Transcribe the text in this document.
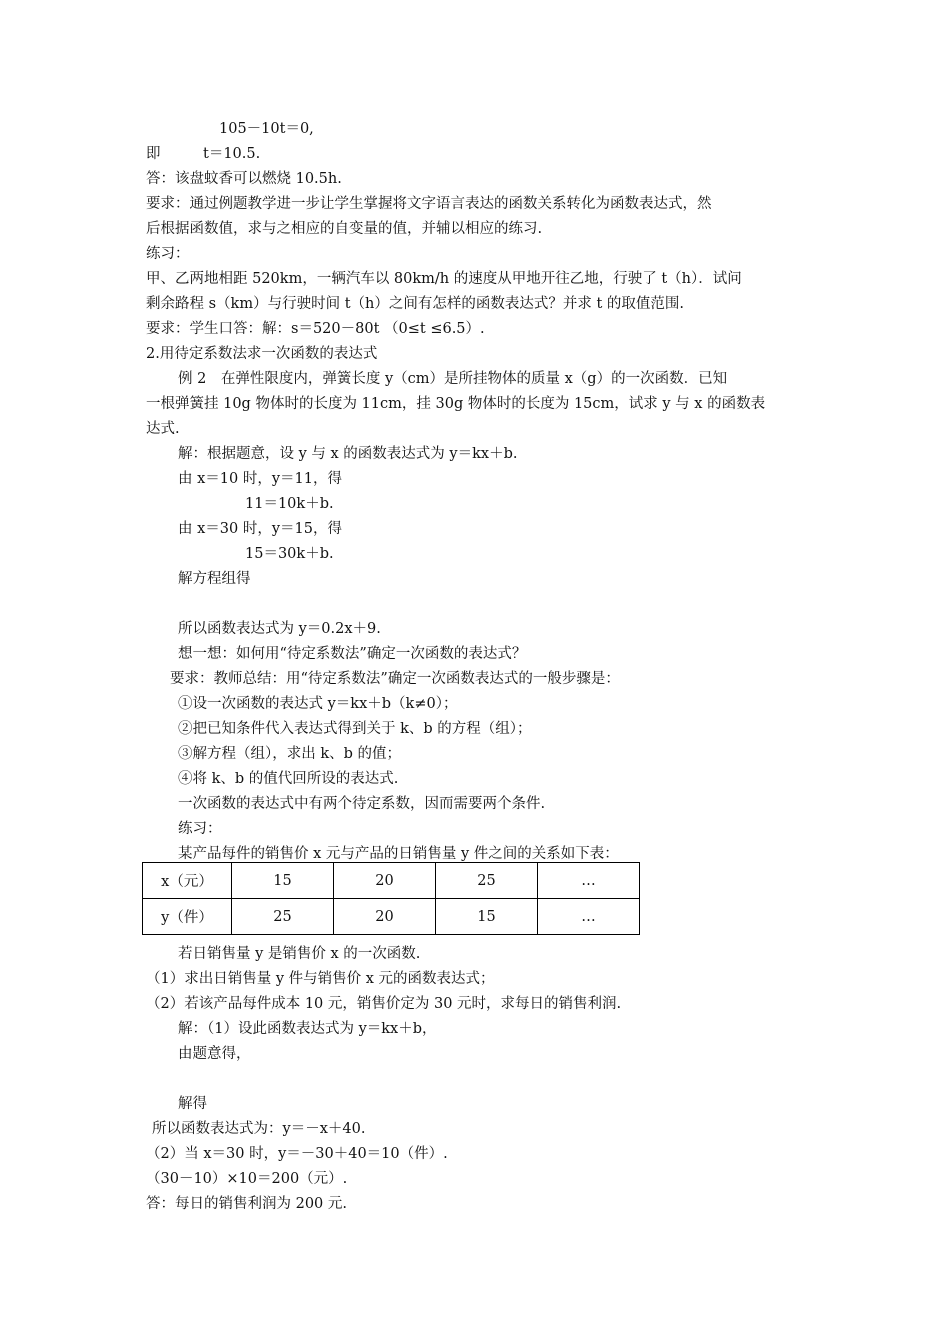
105－10t＝0,
即	t＝10.5.
答：该盘蚊香可以燃烧 10.5h.
要求：通过例题教学进一步让学生掌握将文字语言表达的函数关系转化为函数表达式，然
后根据函数值，求与之相应的自变量的值，并辅以相应的练习.
练习：
甲、乙两地相距 520km，一辆汽车以 80km/h 的速度从甲地开往乙地，行驶了 t（h）．试问
剩余路程 s（km）与行驶时间 t（h）之间有怎样的函数表达式？并求 t 的取值范围.
要求：学生口答：解：s＝520－80t （0≤t ≤6.5）.
2.用待定系数法求一次函数的表达式
例 2　在弹性限度内，弹簧长度 y（cm）是所挂物体的质量 x（g）的一次函数．已知
一根弹簧挂 10g 物体时的长度为 11cm，挂 30g 物体时的长度为 15cm，试求 y 与 x 的函数表
达式.
解：根据题意，设 y 与 x 的函数表达式为 y＝kx＋b.
由 x＝10 时，y＝11，得
11＝10k＋b.
由 x＝30 时，y＝15，得
15＝30k＋b.
解方程组得
所以函数表达式为 y＝0.2x＋9.
想一想：如何用“待定系数法”确定一次函数的表达式？
要求：教师总结：用“待定系数法”确定一次函数表达式的一般步骤是：
①设一次函数的表达式 y＝kx＋b（k≠0）；
②把已知条件代入表达式得到关于 k、b 的方程（组）；
③解方程（组），求出 k、b 的值；
④将 k、b 的值代回所设的表达式.
一次函数的表达式中有两个待定系数，因而需要两个条件.
练习：
某产品每件的销售价 x 元与产品的日销售量 y 件之间的关系如下表：
x（元）	15	20	25	…
y（件）	25	20	15	…
若日销售量 y 是销售价 x 的一次函数.
（1）求出日销售量 y 件与销售价 x 元的函数表达式；
（2）若该产品每件成本 10 元，销售价定为 30 元时，求每日的销售利润.
解：（1）设此函数表达式为 y＝kx＋b，
由题意得，
解得
所以函数表达式为：y＝－x＋40.
（2）当 x＝30 时，y＝－30＋40＝10（件）.
（30－10）×10＝200（元）.
答：每日的销售利润为 200 元.
